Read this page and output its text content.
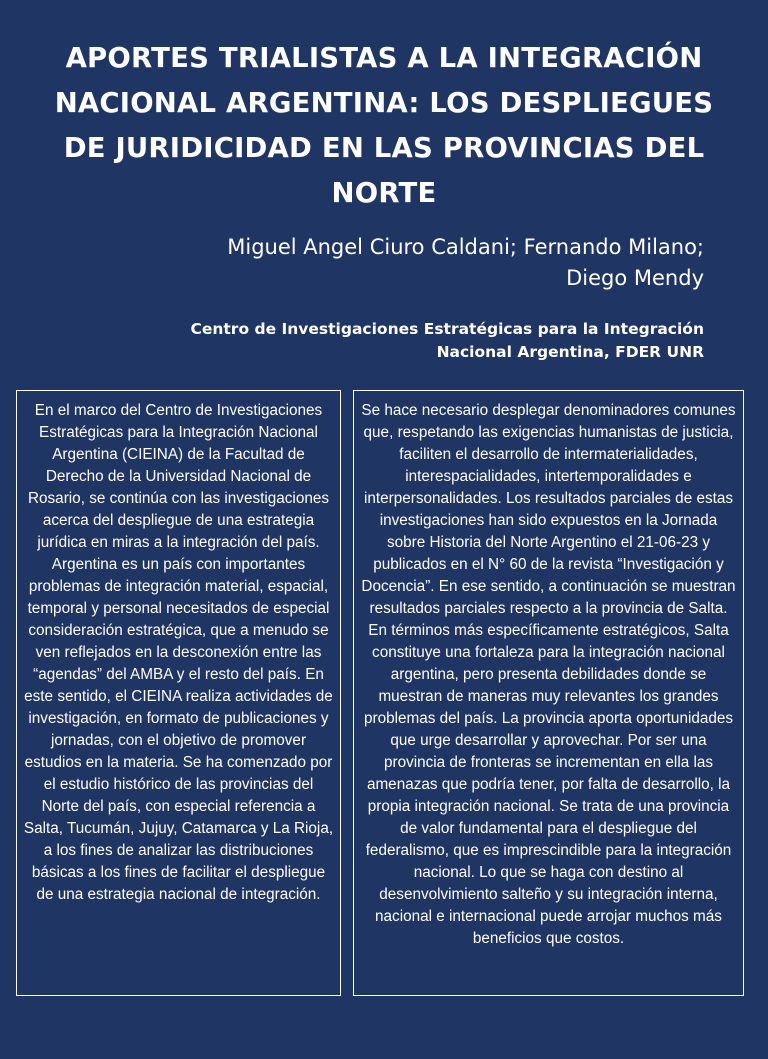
APORTES TRIALISTAS A LA INTEGRACIÓN NACIONAL ARGENTINA: LOS DESPLIEGUES DE JURIDICIDAD EN LAS PROVINCIAS DEL NORTE
Miguel Angel Ciuro Caldani; Fernando Milano;
Diego Mendy
Centro de Investigaciones Estratégicas para la Integración
Nacional Argentina, FDER UNR

En el marco del Centro de Investigaciones Estratégicas para la Integración Nacional Argentina (CIEINA) de la Facultad de Derecho de la Universidad Nacional de Rosario, se continúa con las investigaciones acerca del despliegue de una estrategia jurídica en miras a la integración del país. Argentina es un país con importantes problemas de integración material, espacial, temporal y personal necesitados de especial consideración estratégica, que a menudo se ven reflejados en la desconexión entre las “agendas” del AMBA y el resto del país. En este sentido, el CIEINA realiza actividades de investigación, en formato de publicaciones y jornadas, con el objetivo de promover estudios en la materia. Se ha comenzado por el estudio histórico de las provincias del Norte del país, con especial referencia a Salta, Tucumán, Jujuy, Catamarca y La Rioja, a los fines de analizar las distribuciones básicas a los fines de facilitar el despliegue de una estrategia nacional de integración.

Se hace necesario desplegar denominadores comunes que, respetando las exigencias humanistas de justicia, faciliten el desarrollo de intermaterialidades, interespacialidades, intertemporalidades e interpersonalidades. Los resultados parciales de estas investigaciones han sido expuestos en la Jornada sobre Historia del Norte Argentino el 21-06-23 y publicados en el N° 60 de la revista “Investigación y Docencia”. En ese sentido, a continuación se muestran resultados parciales respecto a la provincia de Salta. En términos más específicamente estratégicos, Salta constituye una fortaleza para la integración nacional argentina, pero presenta debilidades donde se muestran de maneras muy relevantes los grandes problemas del país. La provincia aporta oportunidades que urge desarrollar y aprovechar. Por ser una provincia de fronteras se incrementan en ella las amenazas que podría tener, por falta de desarrollo, la propia integración nacional. Se trata de una provincia de valor fundamental para el despliegue del federalismo, que es imprescindible para la integración nacional. Lo que se haga con destino al desenvolvimiento salteño y su integración interna, nacional e internacional puede arrojar muchos más beneficios que costos.
